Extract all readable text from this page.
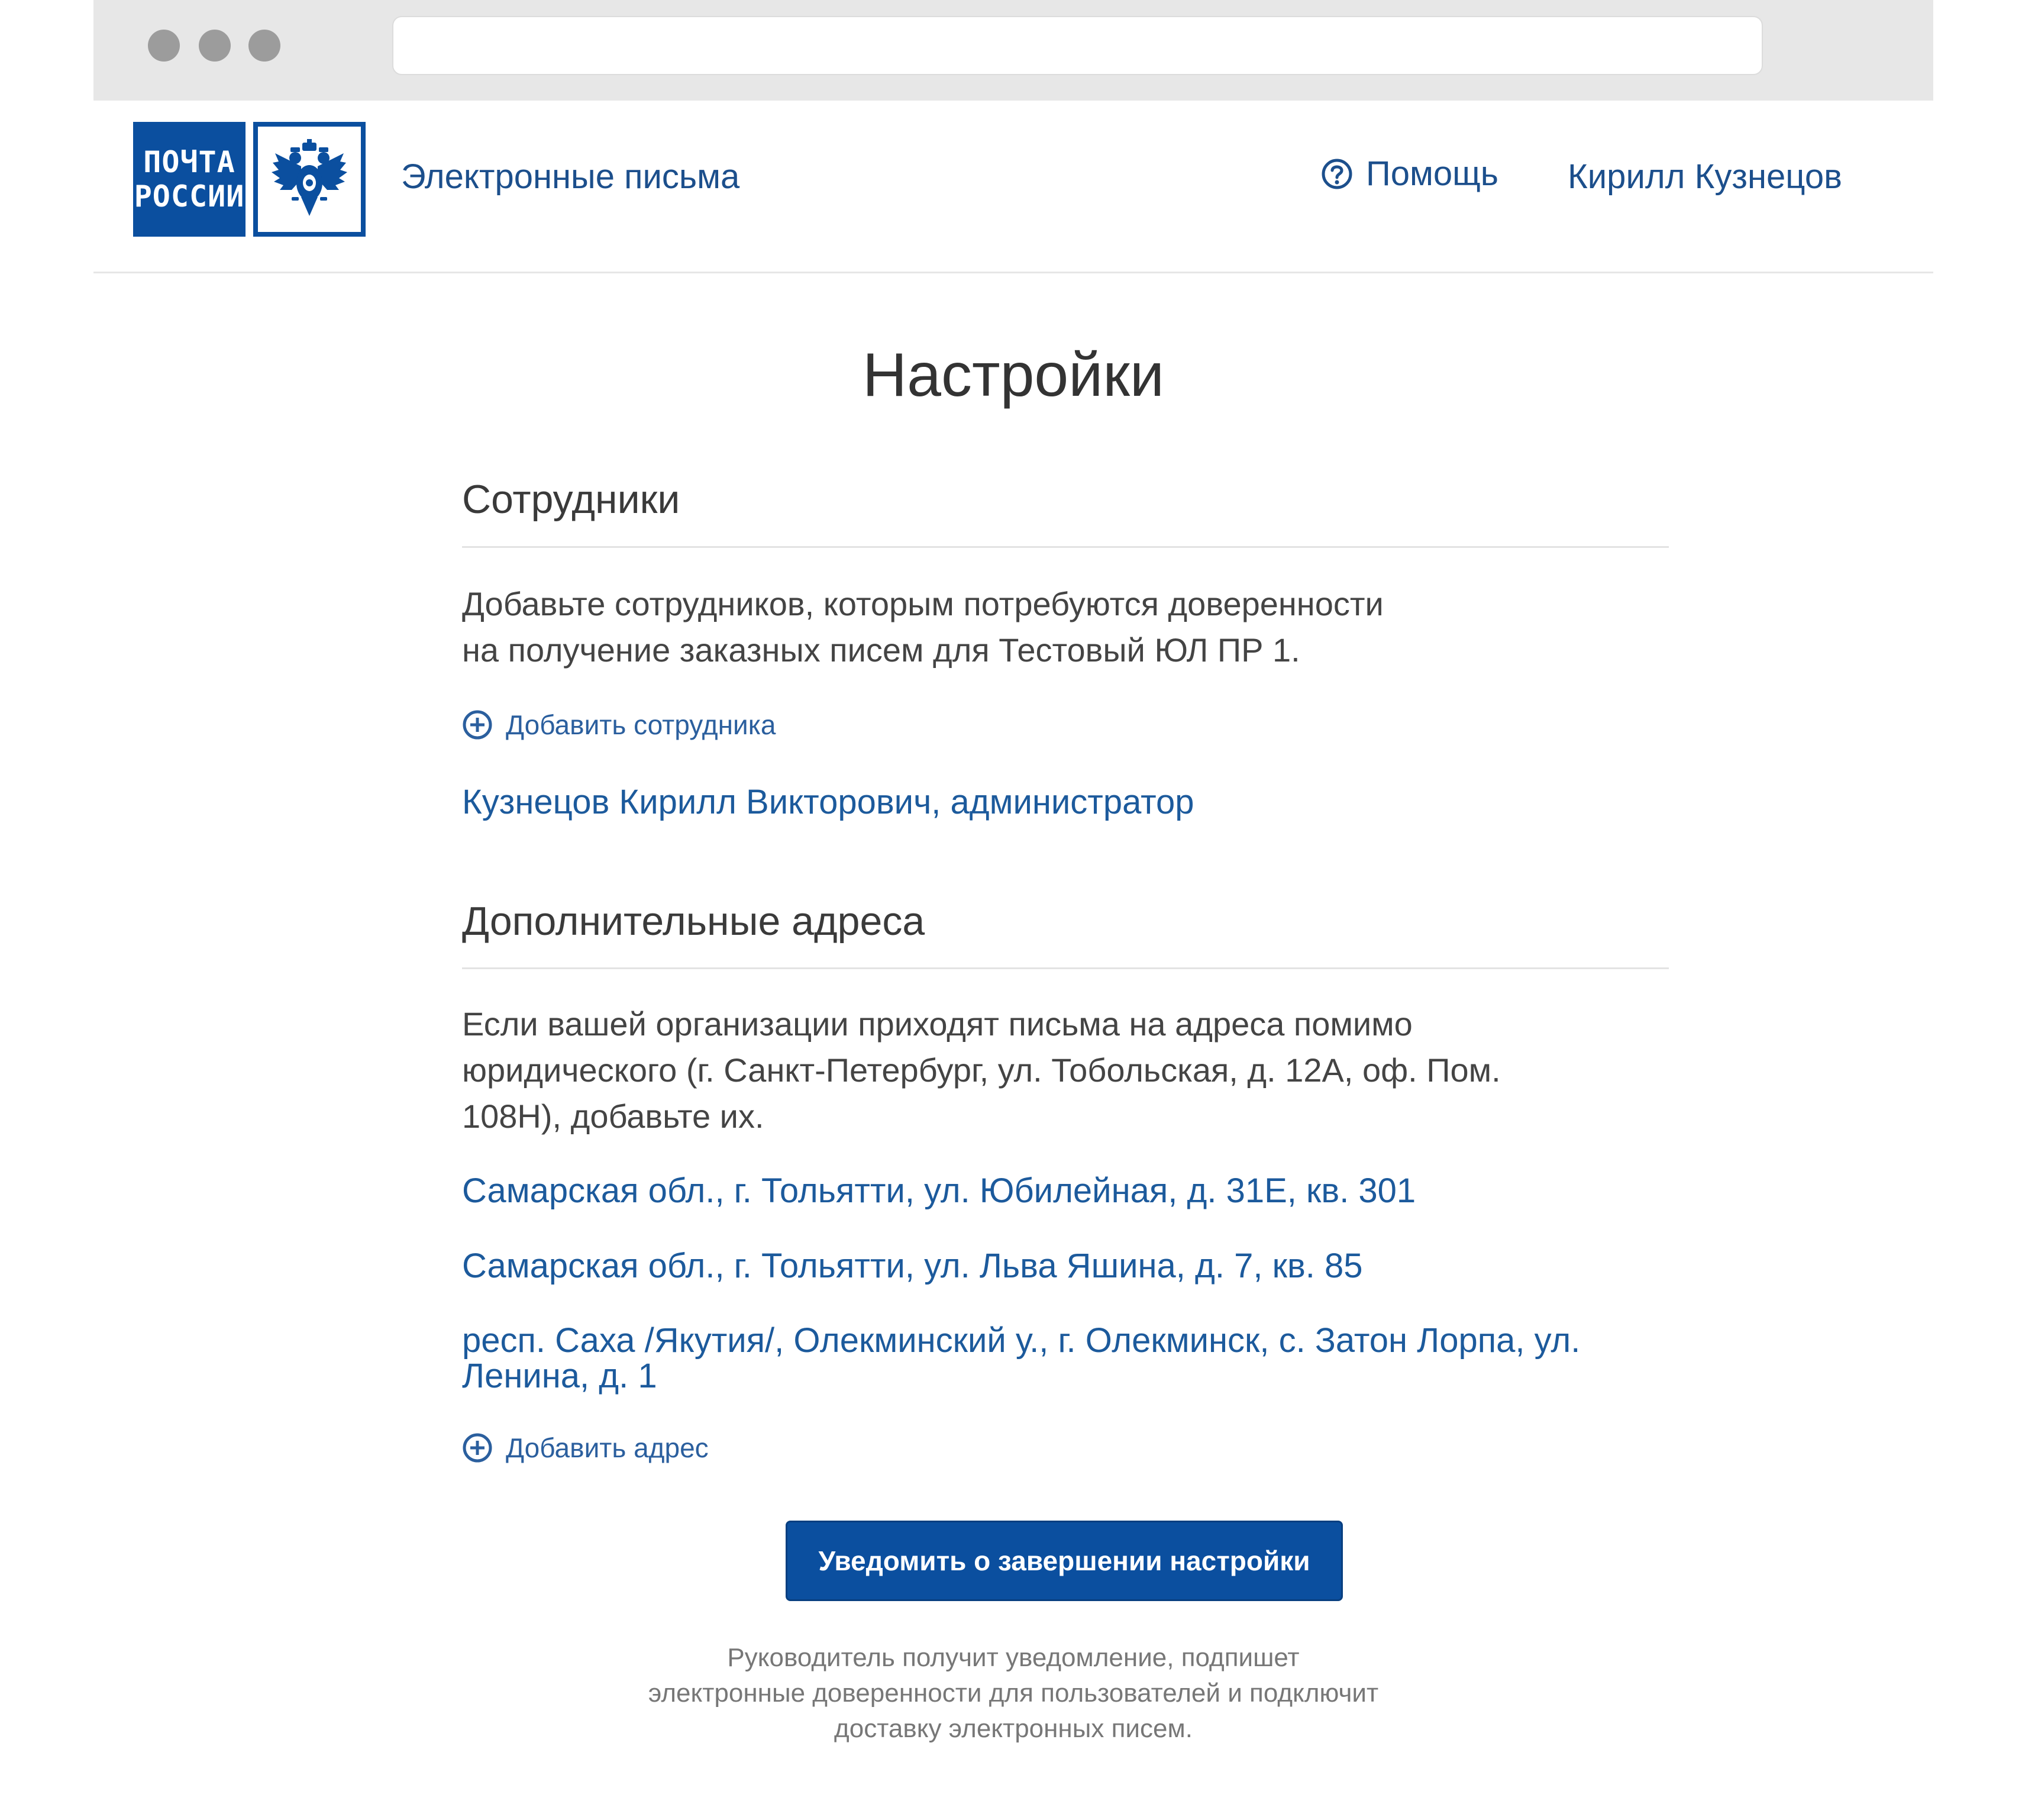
ПОЧТА
РОССИИ
Электронные письма	Помощь Кирилл Кузнецов
Настройки
Сотрудники
Добавьте сотрудников, которым потребуются доверенности
на получение заказных писем для Тестовый ЮЛ ПР 1.
Добавить сотрудника
Кузнецов Кирилл Викторович, администратор
Дополнительные адреса
Если вашей организации приходят письма на адреса помимо
юридического (г. Санкт-Петербург, ул. Тобольская, д. 12А, оф. Пом.
108Н), добавьте их.
Самарская обл., г. Тольятти, ул. Юбилейная, д. 31Е, кв. 301
Самарская обл., г. Тольятти, ул. Льва Яшина, д. 7, кв. 85
респ. Саха /Якутия/, Олекминский у., г. Олекминск, с. Затон Лорпа, ул. Ленина, д. 1
Добавить адрес
Уведомить о завершении настройки
Руководитель получит уведомление, подпишет
электронные доверенности для пользователей и подключит
доставку электронных писем.
